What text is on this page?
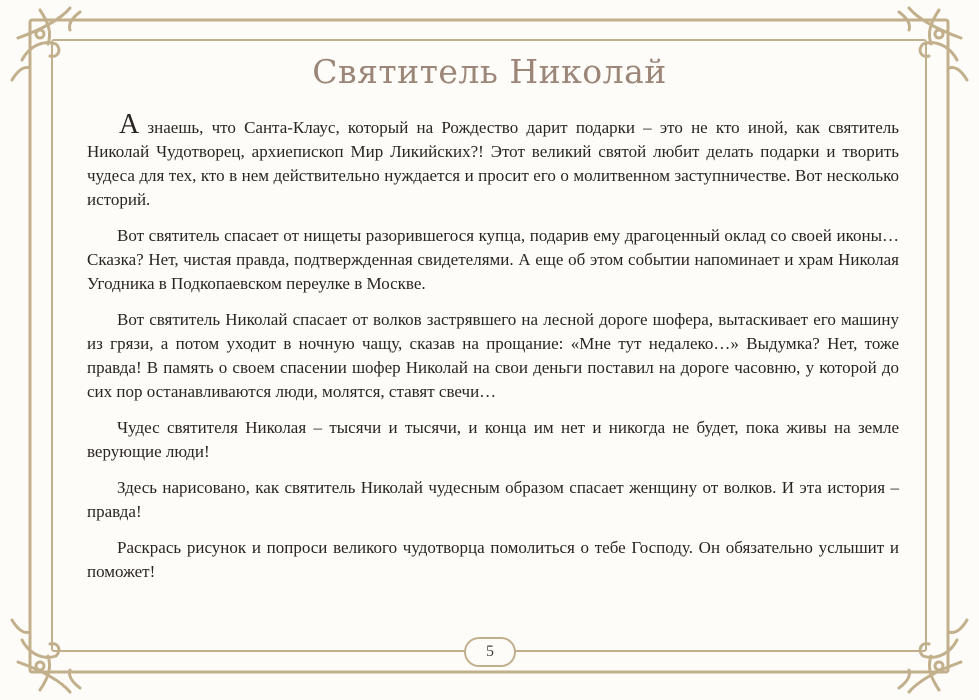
Святитель Николай

А знаешь, что Санта-Клаус, который на Рождество дарит подарки – это не кто иной, как святитель Николай Чудотворец, архиепископ Мир Ликийских?! Этот великий святой любит делать подарки и творить чудеса для тех, кто в нем действительно нуждается и просит его о молитвенном заступничестве. Вот несколько историй.

Вот святитель спасает от нищеты разорившегося купца, подарив ему драгоценный оклад со своей иконы… Сказка? Нет, чистая правда, подтвержденная свидетелями. А еще об этом событии напоминает и храм Николая Угодника в Подкопаевском переулке в Москве.

Вот святитель Николай спасает от волков застрявшего на лесной дороге шофера, вытаскивает его машину из грязи, а потом уходит в ночную чащу, сказав на прощание: «Мне тут недалеко…» Выдумка? Нет, тоже правда! В память о своем спасении шофер Николай на свои деньги поставил на дороге часовню, у которой до сих пор останавливаются люди, молятся, ставят свечи…

Чудес святителя Николая – тысячи и тысячи, и конца им нет и никогда не будет, пока живы на земле верующие люди!

Здесь нарисовано, как святитель Николай чудесным образом спасает женщину от волков. И эта история – правда!

Раскрась рисунок и попроси великого чудотворца помолиться о тебе Господу. Он обязательно услышит и поможет!

5
